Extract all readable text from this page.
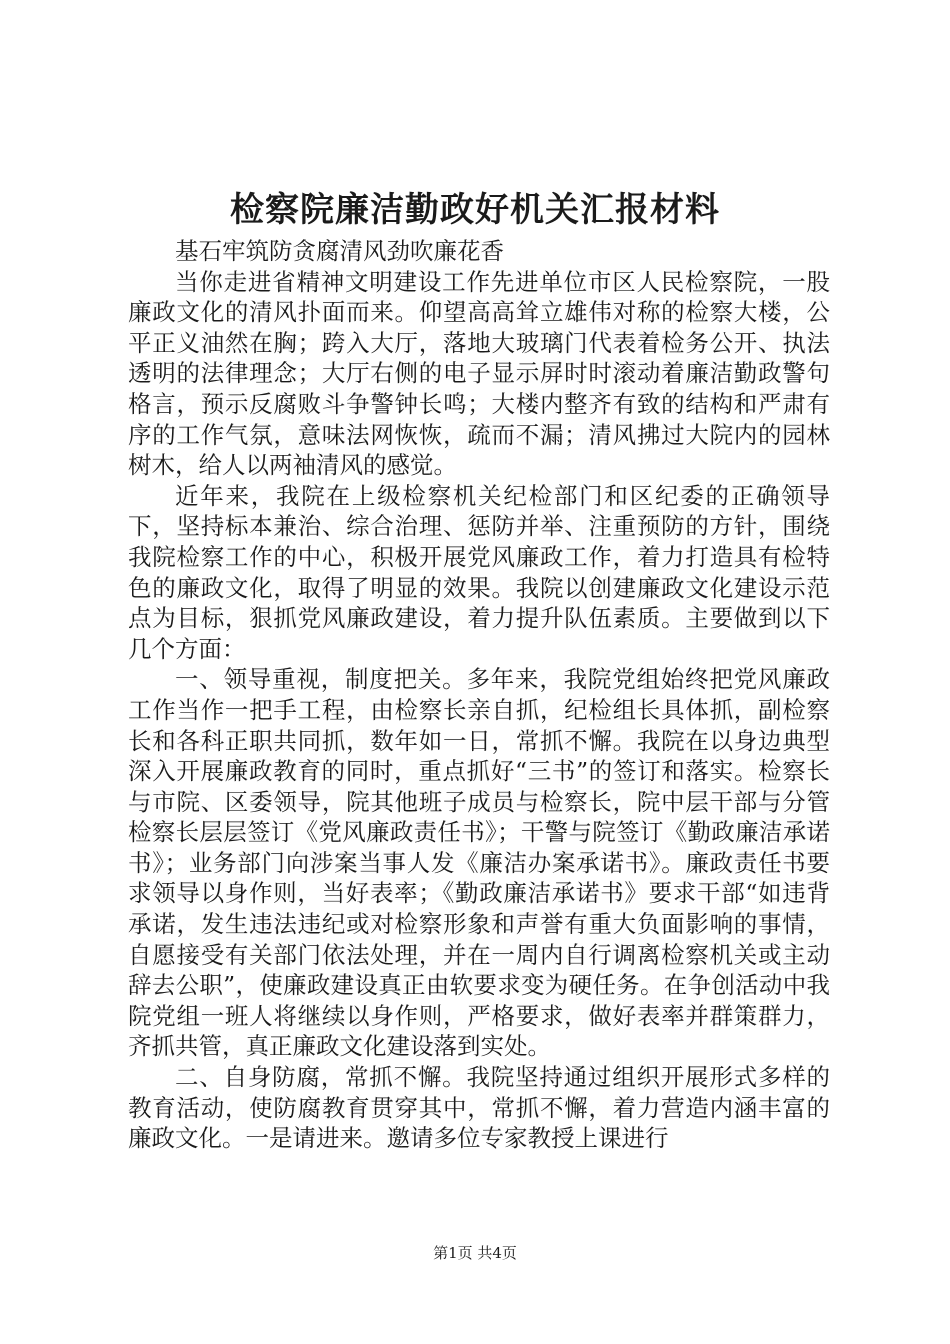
检察院廉洁勤政好机关汇报材料

基石牢筑防贪腐清风劲吹廉花香

当你走进省精神文明建设工作先进单位市区人民检察院，一股廉政文化的清风扑面而来。仰望高高耸立雄伟对称的检察大楼，公平正义油然在胸；跨入大厅，落地大玻璃门代表着检务公开、执法透明的法律理念；大厅右侧的电子显示屏时时滚动着廉洁勤政警句格言，预示反腐败斗争警钟长鸣；大楼内整齐有致的结构和严肃有序的工作气氛，意味法网恢恢，疏而不漏；清风拂过大院内的园林树木，给人以两袖清风的感觉。

近年来，我院在上级检察机关纪检部门和区纪委的正确领导下，坚持标本兼治、综合治理、惩防并举、注重预防的方针，围绕我院检察工作的中心，积极开展党风廉政工作，着力打造具有检特色的廉政文化，取得了明显的效果。我院以创建廉政文化建设示范点为目标，狠抓党风廉政建设，着力提升队伍素质。主要做到以下几个方面：

一、领导重视，制度把关。多年来，我院党组始终把党风廉政工作当作一把手工程，由检察长亲自抓，纪检组长具体抓，副检察长和各科正职共同抓，数年如一日，常抓不懈。我院在以身边典型深入开展廉政教育的同时，重点抓好“三书”的签订和落实。检察长与市院、区委领导，院其他班子成员与检察长，院中层干部与分管检察长层层签订《党风廉政责任书》；干警与院签订《勤政廉洁承诺书》；业务部门向涉案当事人发《廉洁办案承诺书》。廉政责任书要求领导以身作则，当好表率；《勤政廉洁承诺书》要求干部“如违背承诺，发生违法违纪或对检察形象和声誉有重大负面影响的事情，自愿接受有关部门依法处理，并在一周内自行调离检察机关或主动辞去公职”，使廉政建设真正由软要求变为硬任务。在争创活动中我院党组一班人将继续以身作则，严格要求，做好表率并群策群力，齐抓共管，真正廉政文化建设落到实处。

二、自身防腐，常抓不懈。我院坚持通过组织开展形式多样的教育活动，使防腐教育贯穿其中，常抓不懈，着力营造内涵丰富的廉政文化。一是请进来。邀请多位专家教授上课进行

第1页 共4页
